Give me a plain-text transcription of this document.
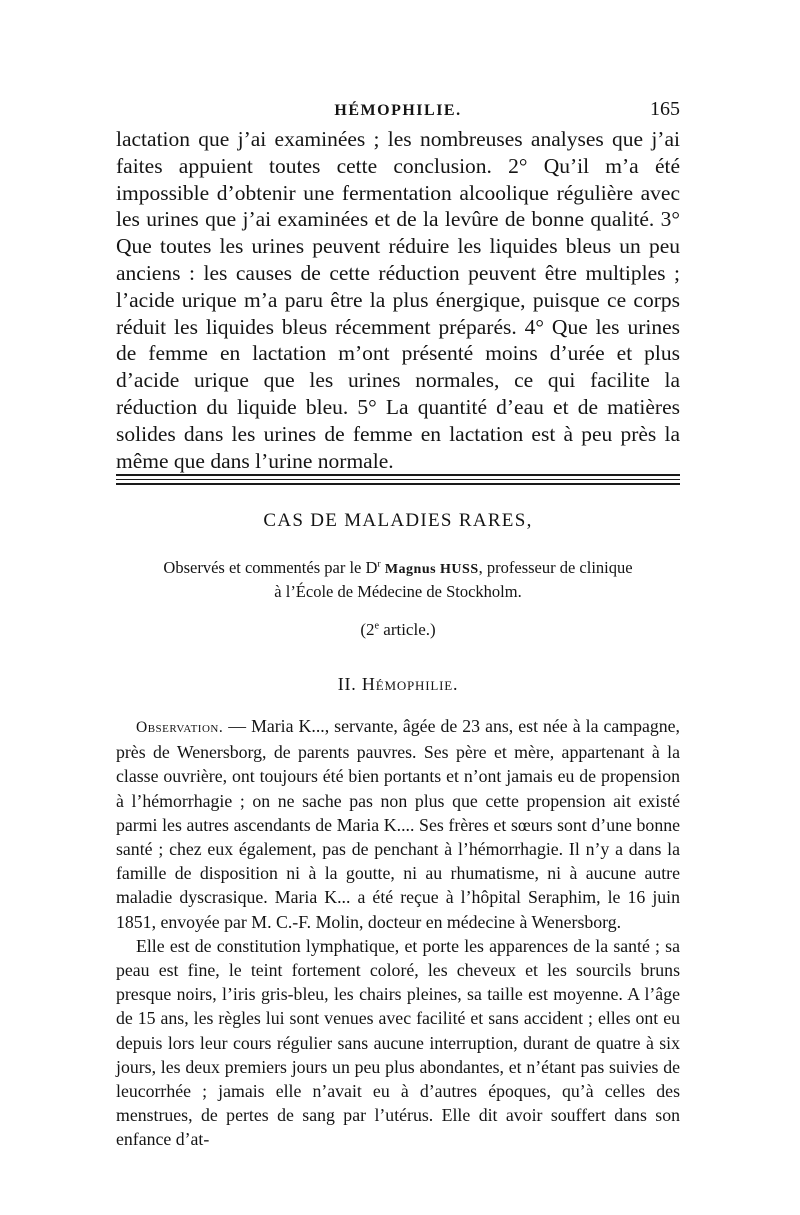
HÉMOPHILIE.	165

lactation que j’ai examinées ; les nombreuses analyses que j’ai faites appuient toutes cette conclusion. 2° Qu’il m’a été impossible d’obtenir une fermentation alcoolique régulière avec les urines que j’ai examinées et de la levûre de bonne qualité. 3° Que toutes les urines peuvent réduire les liquides bleus un peu anciens : les causes de cette réduction peuvent être multiples ; l’acide urique m’a paru être la plus énergique, puisque ce corps réduit les liquides bleus récemment préparés. 4° Que les urines de femme en lactation m’ont présenté moins d’urée et plus d’acide urique que les urines normales, ce qui facilite la réduction du liquide bleu. 5° La quantité d’eau et de matières solides dans les urines de femme en lactation est à peu près la même que dans l’urine normale.

CAS DE MALADIES RARES,

Observés et commentés par le $D^r$ Magnus HUSS, professeur de clinique
à l’École de Médecine de Stockholm.

(2e article.)
II. Hémophilie.

Observation. — Maria K..., servante, âgée de 23 ans, est née à la campagne, près de Wenersborg, de parents pauvres. Ses père et mère, appartenant à la classe ouvrière, ont toujours été bien portants et n’ont jamais eu de propension à l’hémorrhagie ; on ne sache pas non plus que cette propension ait existé parmi les autres ascendants de Maria K.... Ses frères et sœurs sont d’une bonne santé ; chez eux également, pas de penchant à l’hémorrhagie. Il n’y a dans la famille de disposition ni à la goutte, ni au rhumatisme, ni à aucune autre maladie dyscrasique. Maria K... a été reçue à l’hôpital Seraphim, le 16 juin 1851, envoyée par M. C.-F. Molin, docteur en médecine à Wenersborg.

Elle est de constitution lymphatique, et porte les apparences de la santé ; sa peau est fine, le teint fortement coloré, les cheveux et les sourcils bruns presque noirs, l’iris gris-bleu, les chairs pleines, sa taille est moyenne. A l’âge de 15 ans, les règles lui sont venues avec facilité et sans accident ; elles ont eu depuis lors leur cours régulier sans aucune interruption, durant de quatre à six jours, les deux premiers jours un peu plus abondantes, et n’étant pas suivies de leucorrhée ; jamais elle n’avait eu à d’autres époques, qu’à celles des menstrues, de pertes de sang par l’utérus. Elle dit avoir souffert dans son enfance d’at-
